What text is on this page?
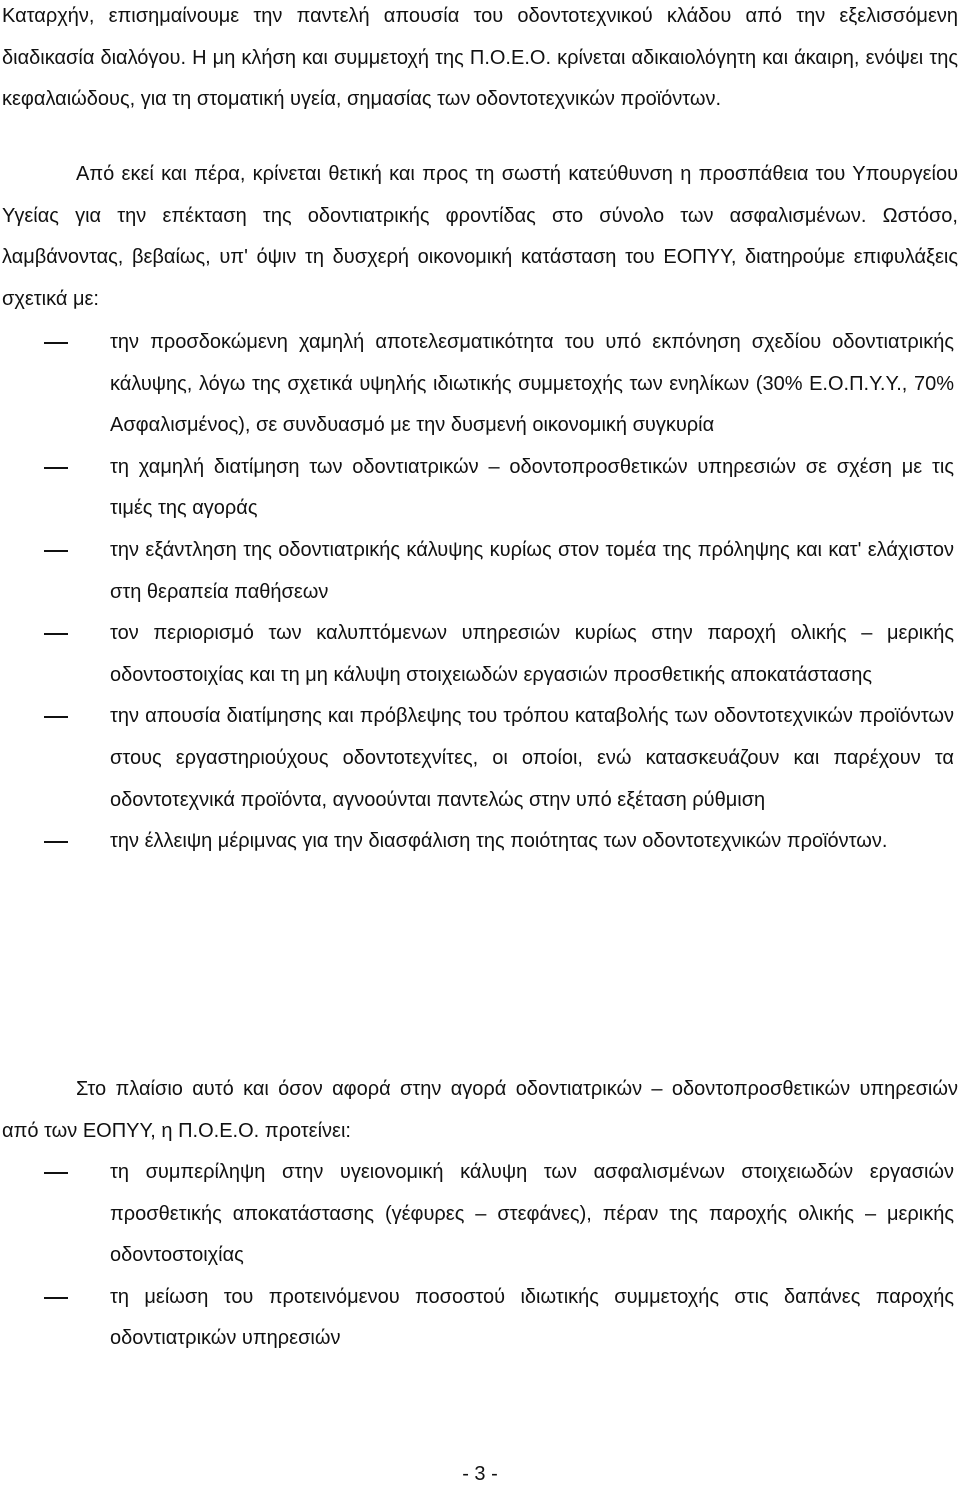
Καταρχήν, επισημαίνουμε την παντελή απουσία του οδοντοτεχνικού κλάδου από την εξελισσόμενη διαδικασία διαλόγου. Η μη κλήση και συμμετοχή της Π.Ο.Ε.Ο. κρίνεται αδικαιολόγητη και άκαιρη, ενόψει της κεφαλαιώδους, για τη στοματική υγεία, σημασίας των οδοντοτεχνικών προϊόντων.

Από εκεί και πέρα, κρίνεται θετική και προς τη σωστή κατεύθυνση η προσπάθεια του Υπουργείου Υγείας για την επέκταση της οδοντιατρικής φροντίδας στο σύνολο των ασφαλισμένων. Ωστόσο, λαμβάνοντας, βεβαίως, υπ' όψιν τη δυσχερή οικονομική κατάσταση του ΕΟΠΥΥ, διατηρούμε επιφυλάξεις σχετικά με:

την προσδοκώμενη χαμηλή αποτελεσματικότητα του υπό εκπόνηση σχεδίου οδοντιατρικής κάλυψης, λόγω της σχετικά υψηλής ιδιωτικής συμμετοχής των ενηλίκων (30% Ε.Ο.Π.Υ.Υ., 70% Ασφαλισμένος), σε συνδυασμό με την δυσμενή οικονομική συγκυρία
τη χαμηλή διατίμηση των οδοντιατρικών – οδοντοπροσθετικών υπηρεσιών σε σχέση με τις τιμές της αγοράς
την εξάντληση της οδοντιατρικής κάλυψης κυρίως στον τομέα της πρόληψης και κατ' ελάχιστον στη θεραπεία παθήσεων
τον περιορισμό των καλυπτόμενων υπηρεσιών κυρίως στην παροχή ολικής – μερικής οδοντοστοιχίας και τη μη κάλυψη στοιχειωδών εργασιών προσθετικής αποκατάστασης
την απουσία διατίμησης και πρόβλεψης του τρόπου καταβολής των οδοντοτεχνικών προϊόντων στους εργαστηριούχους οδοντοτεχνίτες, οι οποίοι, ενώ κατασκευάζουν και παρέχουν τα οδοντοτεχνικά προϊόντα, αγνοούνται παντελώς στην υπό εξέταση ρύθμιση
την έλλειψη μέριμνας για την διασφάλιση της ποιότητας των οδοντοτεχνικών προϊόντων.

Στο πλαίσιο αυτό και όσον αφορά στην αγορά οδοντιατρικών – οδοντοπροσθετικών υπηρεσιών από των ΕΟΠΥΥ, η Π.Ο.Ε.Ο. προτείνει:

τη συμπερίληψη στην υγειονομική κάλυψη των ασφαλισμένων στοιχειωδών εργασιών προσθετικής αποκατάστασης (γέφυρες – στεφάνες), πέραν της παροχής ολικής – μερικής οδοντοστοιχίας
τη μείωση του προτεινόμενου ποσοστού ιδιωτικής συμμετοχής στις δαπάνες παροχής οδοντιατρικών υπηρεσιών
- 3 -
